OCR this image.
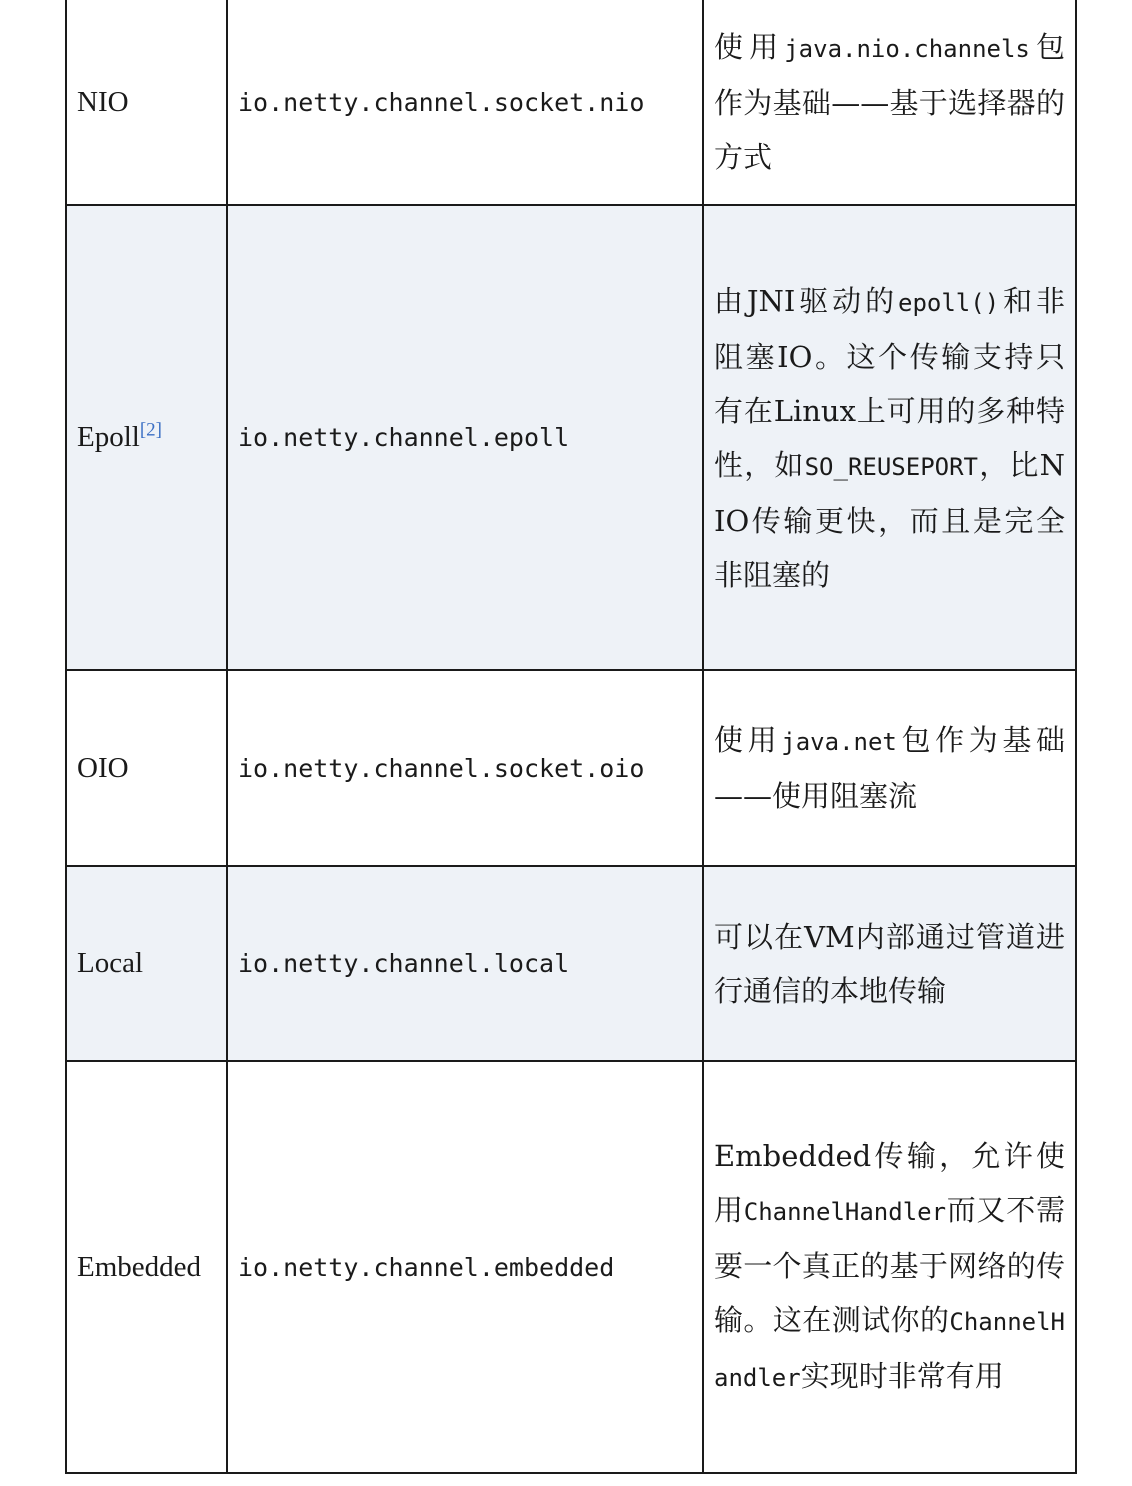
NIO	io.netty.channel.socket.nio	使用java.nio.channels包作为基础——基于选择器的方式

Epoll[2]	io.netty.channel.epoll	由JNI驱动的epoll()和非阻塞IO。这个传输支持只有在Linux上可用的多种特性，如SO_REUSEPORT，比NIO传输更快，而且是完全非阻塞的

OIO	io.netty.channel.socket.oio	使用java.net包作为基础——使用阻塞流

Local	io.netty.channel.local	可以在VM内部通过管道进行通信的本地传输

Embedded	io.netty.channel.embedded	Embedded传输，允许使用ChannelHandler而又不需要一个真正的基于网络的传输。这在测试你的ChannelHandler实现时非常有用
